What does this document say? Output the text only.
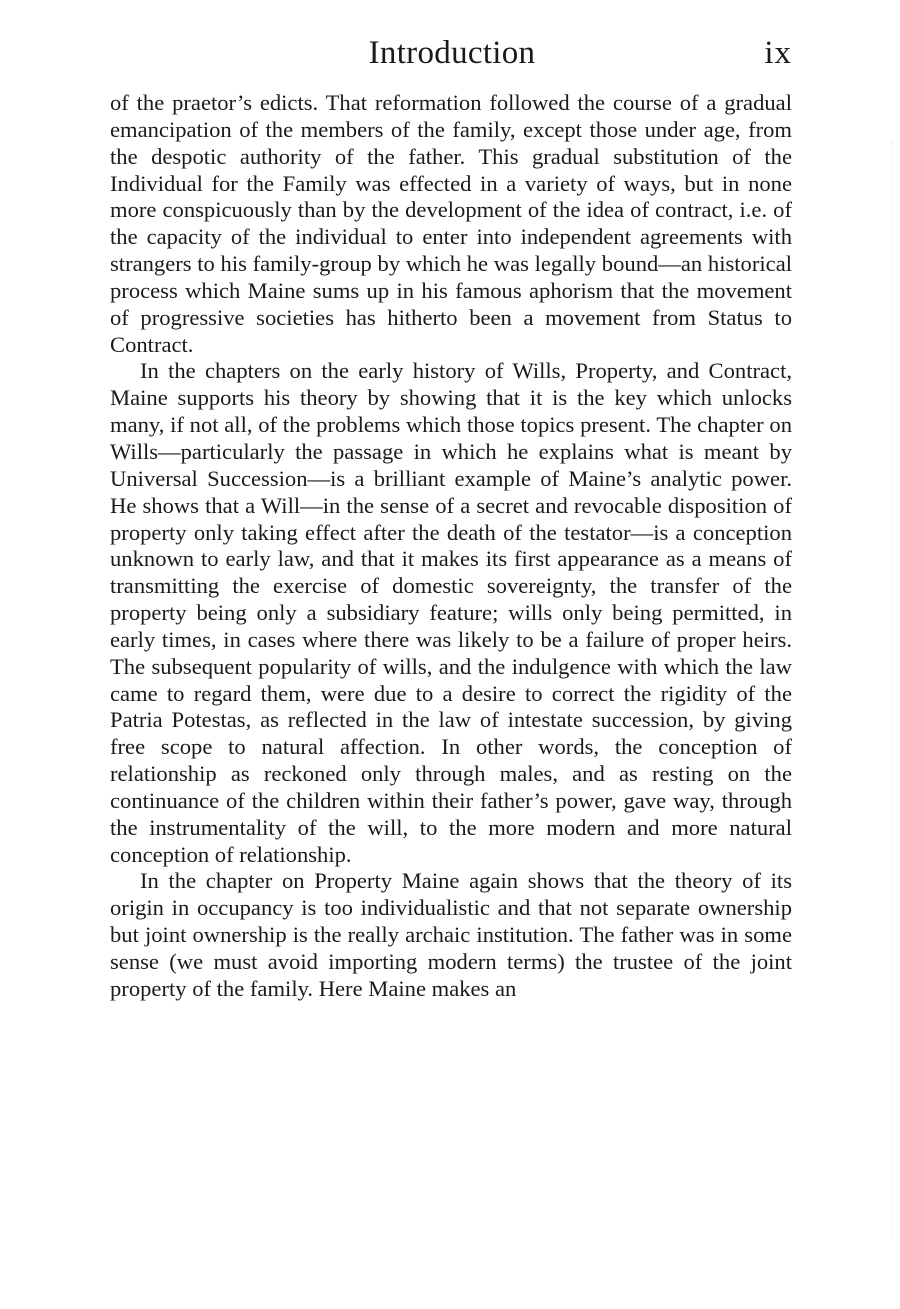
Introduction	ix

of the praetor’s edicts. That reformation followed the course of a gradual emancipation of the members of the family, except those under age, from the despotic authority of the father. This gradual substitution of the Individual for the Family was effected in a variety of ways, but in none more conspicuously than by the development of the idea of contract, i.e. of the capacity of the individual to enter into independent agreements with strangers to his family-group by which he was legally bound—an historical process which Maine sums up in his famous aphorism that the movement of progressive societies has hitherto been a movement from Status to Contract.

In the chapters on the early history of Wills, Property, and Contract, Maine supports his theory by showing that it is the key which unlocks many, if not all, of the problems which those topics present. The chapter on Wills—particularly the passage in which he explains what is meant by Universal Succession—is a brilliant example of Maine’s analytic power. He shows that a Will—in the sense of a secret and revocable disposition of property only taking effect after the death of the testator—is a conception unknown to early law, and that it makes its first appearance as a means of transmitting the exercise of domestic sovereignty, the transfer of the property being only a subsidiary feature; wills only being permitted, in early times, in cases where there was likely to be a failure of proper heirs. The subsequent popularity of wills, and the indulgence with which the law came to regard them, were due to a desire to correct the rigidity of the Patria Potestas, as reflected in the law of intestate succession, by giving free scope to natural affection. In other words, the conception of relationship as reckoned only through males, and as resting on the continuance of the children within their father’s power, gave way, through the instrumentality of the will, to the more modern and more natural conception of relationship.

In the chapter on Property Maine again shows that the theory of its origin in occupancy is too individualistic and that not separate ownership but joint ownership is the really archaic institution. The father was in some sense (we must avoid importing modern terms) the trustee of the joint property of the family. Here Maine makes an
